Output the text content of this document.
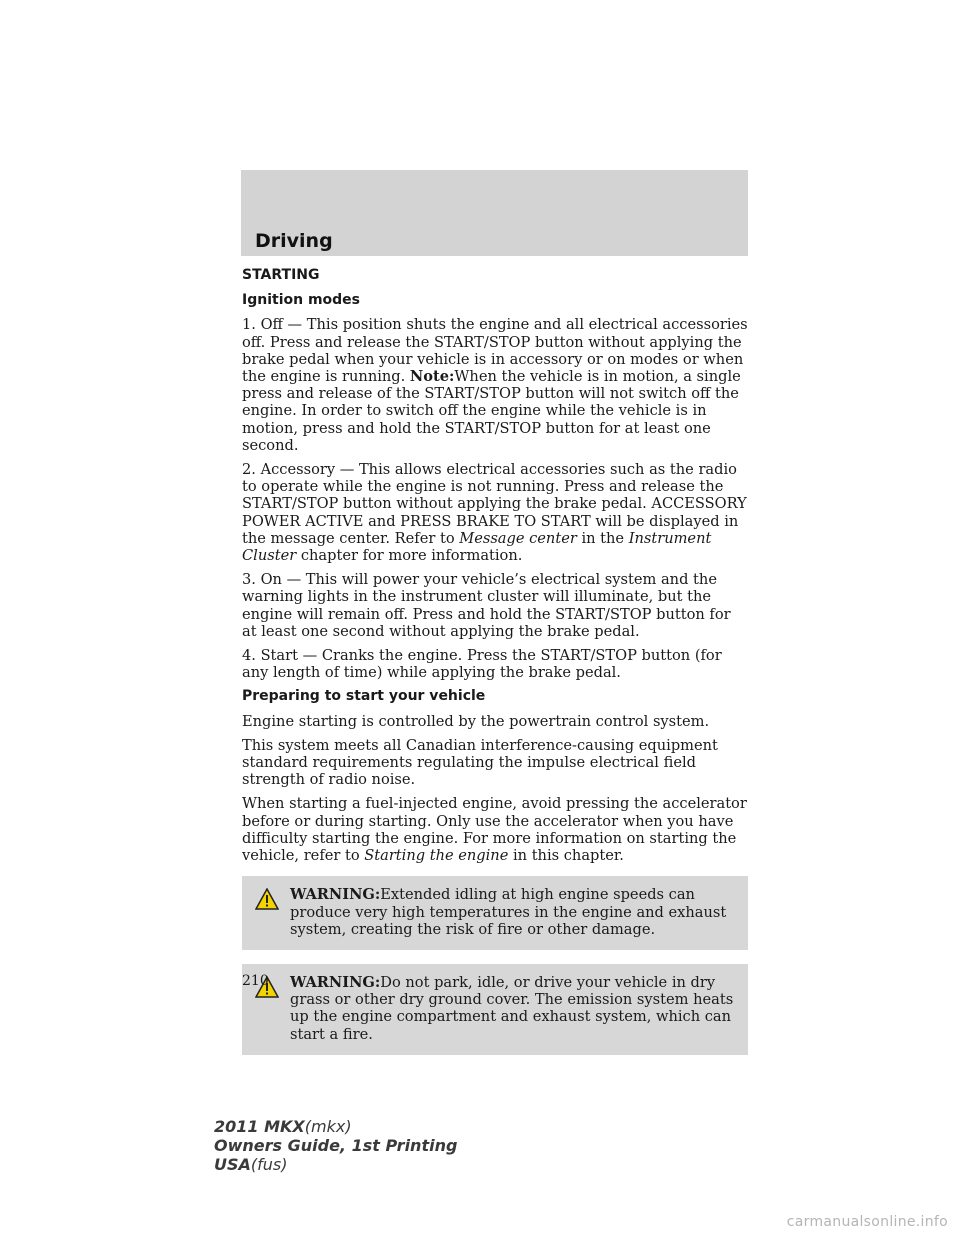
Driving
STARTING
Ignition modes

1. Off — This position shuts the engine and all electrical accessories off. Press and release the START/STOP button without applying the brake pedal when your vehicle is in accessory or on modes or when the engine is running. Note:When the vehicle is in motion, a single press and release of the START/STOP button will not switch off the engine. In order to switch off the engine while the vehicle is in motion, press and hold the START/STOP button for at least one second.

2. Accessory — This allows electrical accessories such as the radio to operate while the engine is not running. Press and release the START/STOP button without applying the brake pedal. ACCESSORY POWER ACTIVE and PRESS BRAKE TO START will be displayed in the message center. Refer to Message center in the Instrument Cluster chapter for more information.

3. On — This will power your vehicle’s electrical system and the warning lights in the instrument cluster will illuminate, but the engine will remain off. Press and hold the START/STOP button for at least one second without applying the brake pedal.

4. Start — Cranks the engine. Press the START/STOP button (for any length of time) while applying the brake pedal.

Preparing to start your vehicle

Engine starting is controlled by the powertrain control system.

This system meets all Canadian interference-causing equipment standard requirements regulating the impulse electrical field strength of radio noise.

When starting a fuel-injected engine, avoid pressing the accelerator before or during starting. Only use the accelerator when you have difficulty starting the engine. For more information on starting the vehicle, refer to Starting the engine in this chapter.

WARNING:Extended idling at high engine speeds can produce very high temperatures in the engine and exhaust system, creating the risk of fire or other damage.
WARNING:Do not park, idle, or drive your vehicle in dry grass or other dry ground cover. The emission system heats up the engine compartment and exhaust system, which can start a fire.
210
2011 MKX(mkx)
Owners Guide, 1st Printing
USA(fus)
carmanualsonline.info
